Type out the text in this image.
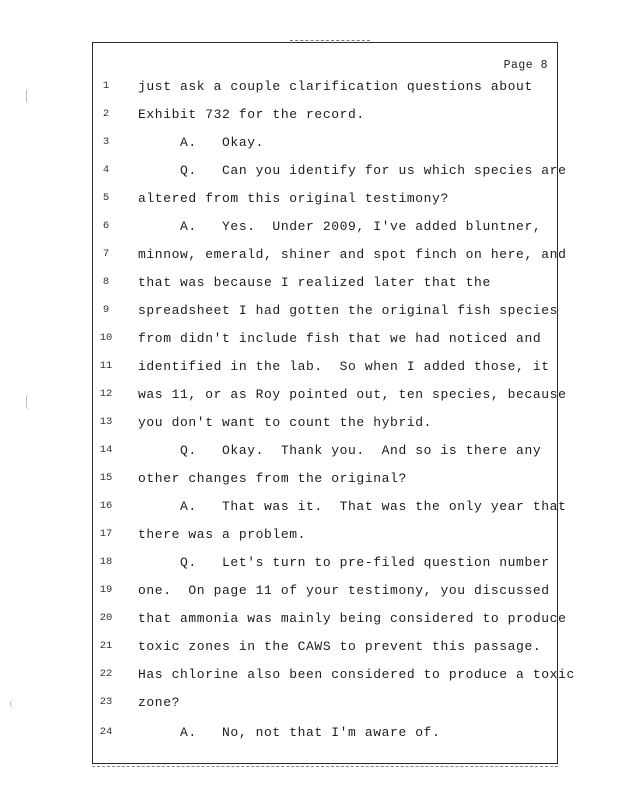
Page 8
1	just ask a couple clarification questions about
2	Exhibit 732 for the record.
3	A.   Okay.
4	Q.   Can you identify for us which species are
5	altered from this original testimony?
6	A.   Yes.  Under 2009, I've added bluntner,
7	minnow, emerald, shiner and spot finch on here, and
8	that was because I realized later that the
9	spreadsheet I had gotten the original fish species
10 from didn't include fish that we had noticed and
11 identified in the lab.  So when I added those, it
12 was 11, or as Roy pointed out, ten species, because
13 you don't want to count the hybrid.
14 Q.   Okay.  Thank you.  And so is there any
15 other changes from the original?
16 A.   That was it.  That was the only year that
17 there was a problem.
18 Q.   Let's turn to pre-filed question number
19 one.  On page 11 of your testimony, you discussed
20 that ammonia was mainly being considered to produce
21 toxic zones in the CAWS to prevent this passage.
22 Has chlorine also been considered to produce a toxic
23 zone?
24 A.   No, not that I'm aware of.
